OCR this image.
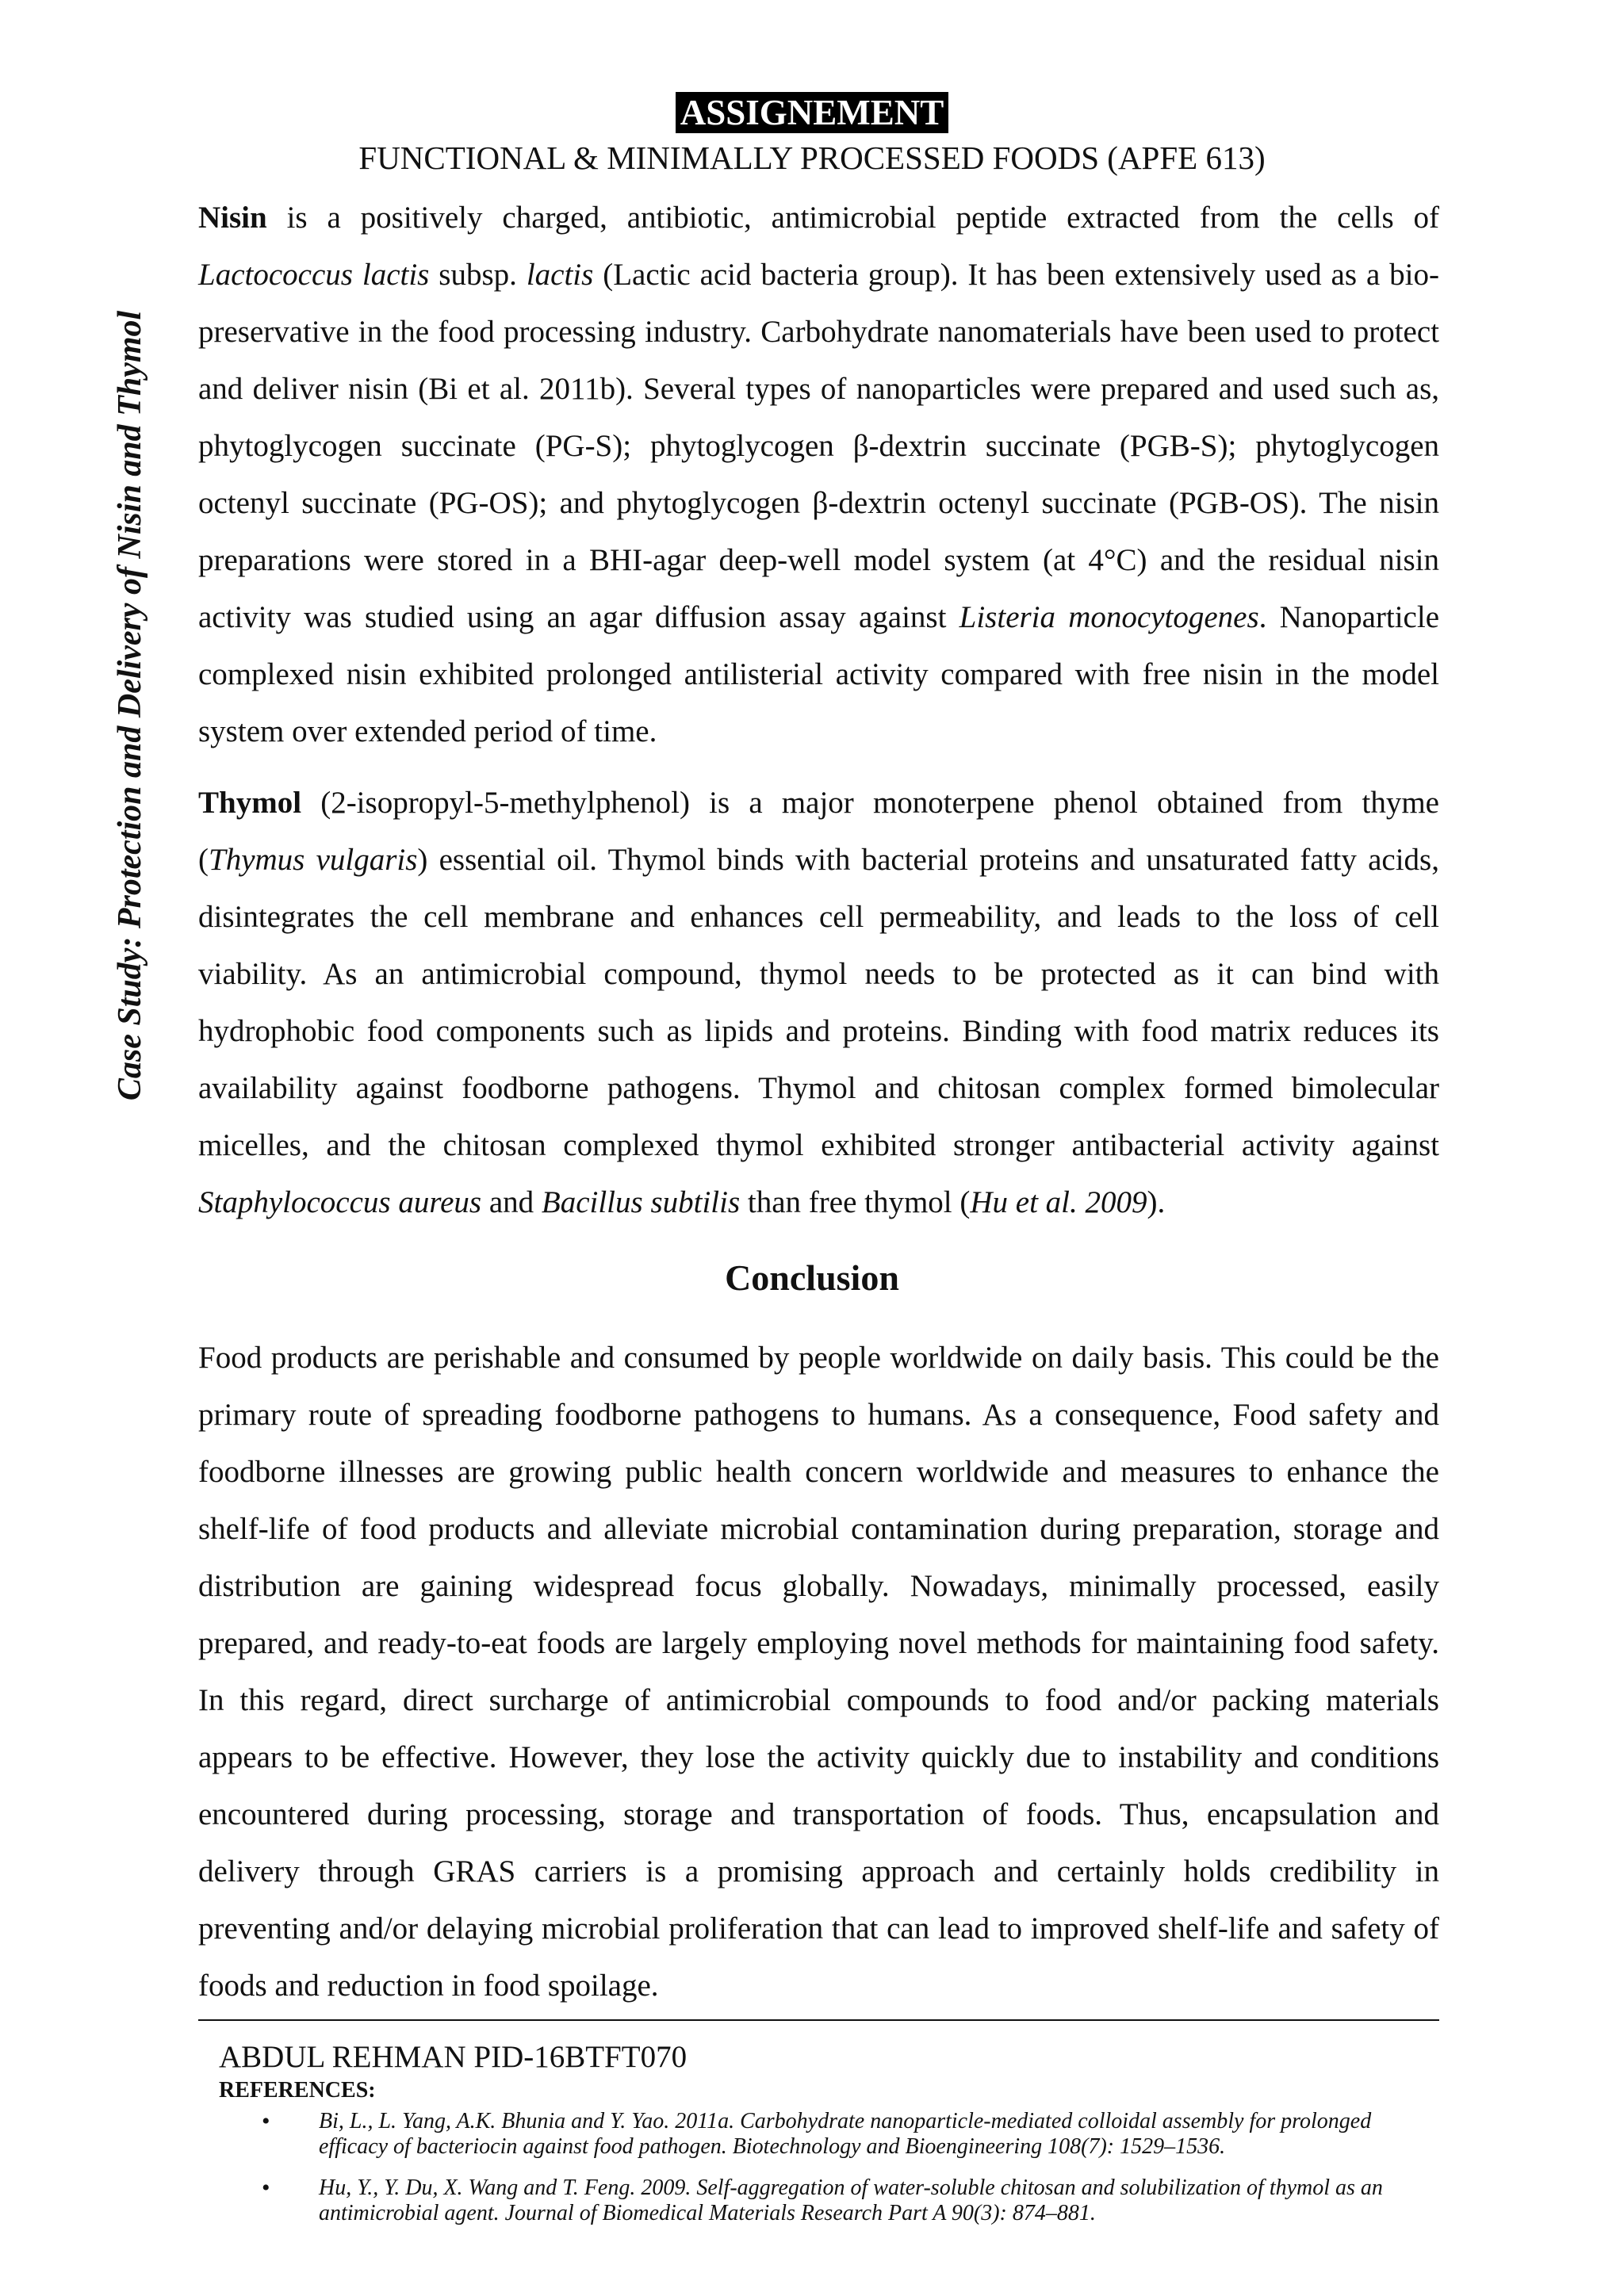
ASSIGNEMENT
FUNCTIONAL & MINIMALLY PROCESSED FOODS (APFE 613)
Case Study: Protection and Delivery of Nisin and Thymol

Nisin is a positively charged, antibiotic, antimicrobial peptide extracted from the cells of Lactococcus lactis subsp. lactis (Lactic acid bacteria group). It has been extensively used as a bio-preservative in the food processing industry. Carbohydrate nanomaterials have been used to protect and deliver nisin (Bi et al. 2011b). Several types of nanoparticles were prepared and used such as, phytoglycogen succinate (PG-S); phytoglycogen β-dextrin succinate (PGB-S); phytoglycogen octenyl succinate (PG-OS); and phytoglycogen β-dextrin octenyl succinate (PGB-OS). The nisin preparations were stored in a BHI-agar deep-well model system (at 4°C) and the residual nisin activity was studied using an agar diffusion assay against Listeria monocytogenes. Nanoparticle complexed nisin exhibited prolonged antilisterial activity compared with free nisin in the model system over extended period of time.

Thymol (2-isopropyl-5-methylphenol) is a major monoterpene phenol obtained from thyme (Thymus vulgaris) essential oil. Thymol binds with bacterial proteins and unsaturated fatty acids, disintegrates the cell membrane and enhances cell permeability, and leads to the loss of cell viability. As an antimicrobial compound, thymol needs to be protected as it can bind with hydrophobic food components such as lipids and proteins. Binding with food matrix reduces its availability against foodborne pathogens. Thymol and chitosan complex formed bimolecular micelles, and the chitosan complexed thymol exhibited stronger antibacterial activity against Staphylococcus aureus and Bacillus subtilis than free thymol (Hu et al. 2009).

Conclusion

Food products are perishable and consumed by people worldwide on daily basis. This could be the primary route of spreading foodborne pathogens to humans. As a consequence, Food safety and foodborne illnesses are growing public health concern worldwide and measures to enhance the shelf-life of food products and alleviate microbial contamination during preparation, storage and distribution are gaining widespread focus globally. Nowadays, minimally processed, easily prepared, and ready-to-eat foods are largely employing novel methods for maintaining food safety. In this regard, direct surcharge of antimicrobial compounds to food and/or packing materials appears to be effective. However, they lose the activity quickly due to instability and conditions encountered during processing, storage and transportation of foods. Thus, encapsulation and delivery through GRAS carriers is a promising approach and certainly holds credibility in preventing and/or delaying microbial proliferation that can lead to improved shelf-life and safety of foods and reduction in food spoilage.

ABDUL REHMAN PID-16BTFT070
REFERENCES:
• Bi, L., L. Yang, A.K. Bhunia and Y. Yao. 2011a. Carbohydrate nanoparticle-mediated colloidal assembly for prolonged efficacy of bacteriocin against food pathogen. Biotechnology and Bioengineering 108(7): 1529–1536.
• Hu, Y., Y. Du, X. Wang and T. Feng. 2009. Self-aggregation of water-soluble chitosan and solubilization of thymol as an antimicrobial agent. Journal of Biomedical Materials Research Part A 90(3): 874–881.
